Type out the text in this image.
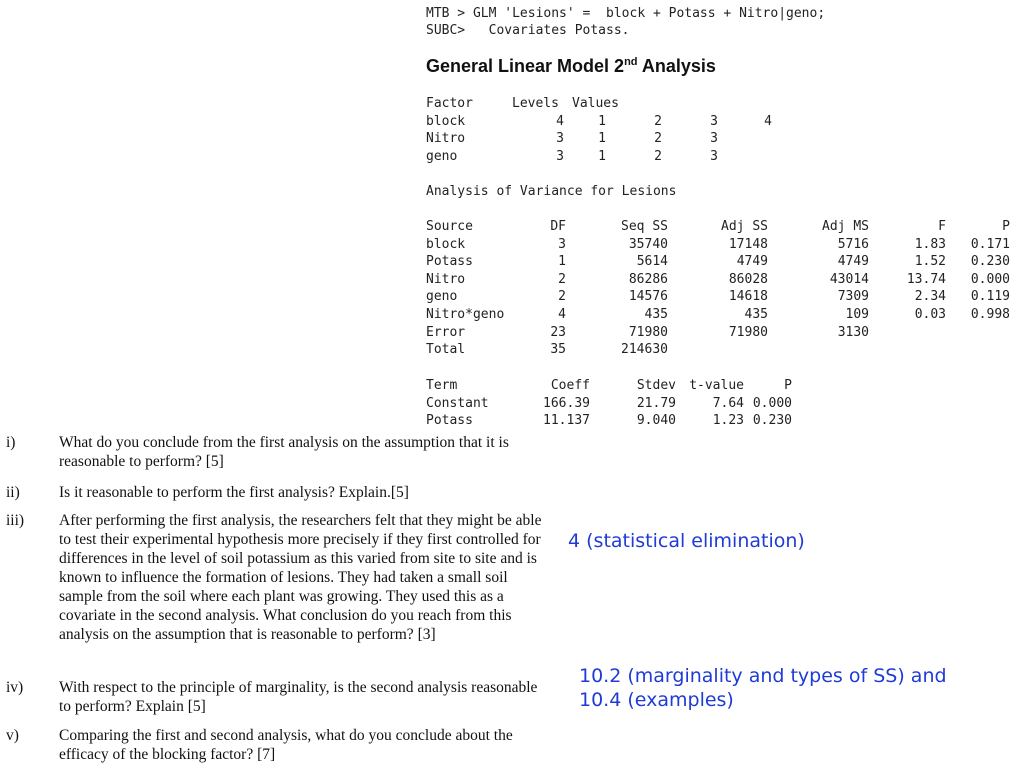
MTB > GLM 'Lesions' =  block + Potass + Nitro|geno;
SUBC>   Covariates Potass.
General Linear Model 2nd Analysis
Factor	Levels	Values			
block	4	1	2	3	4
Nitro	3	1	2	3	
geno	3	1	2	3	
Analysis of Variance for Lesions
Source	DF	Seq SS	Adj SS	Adj MS	F	P
block	3	35740	17148	5716	1.83	0.171
Potass	1	5614	4749	4749	1.52	0.230
Nitro	2	86286	86028	43014	13.74	0.000
geno	2	14576	14618	7309	2.34	0.119
Nitro*geno	4	435	435	109	0.03	0.998
Error	23	71980	71980	3130		
Total	35	214630				
Term	Coeff	Stdev	t-value	P
Constant	166.39	21.79	7.64	0.000
Potass	11.137	9.040	1.23	0.230
i)	What do you conclude from the first analysis on the assumption that it is reasonable to perform? [5]
ii)	Is it reasonable to perform the first analysis? Explain.[5]
iii) After performing the first analysis, the researchers felt that they might be able to test their experimental hypothesis more precisely if they first controlled for differences in the level of soil potassium as this varied from site to site and is known to influence the formation of lesions. They had taken a small soil sample from the soil where each plant was growing. They used this as a covariate in the second analysis. What conclusion do you reach from this analysis on the assumption that is reasonable to perform? [3]
iv) With respect to the principle of marginality, is the second analysis reasonable to perform? Explain [5]
v)	Comparing the first and second analysis, what do you conclude about the efficacy of the blocking factor? [7]
4 (statistical elimination)
10.2 (marginality and types of SS) and
10.4 (examples)
